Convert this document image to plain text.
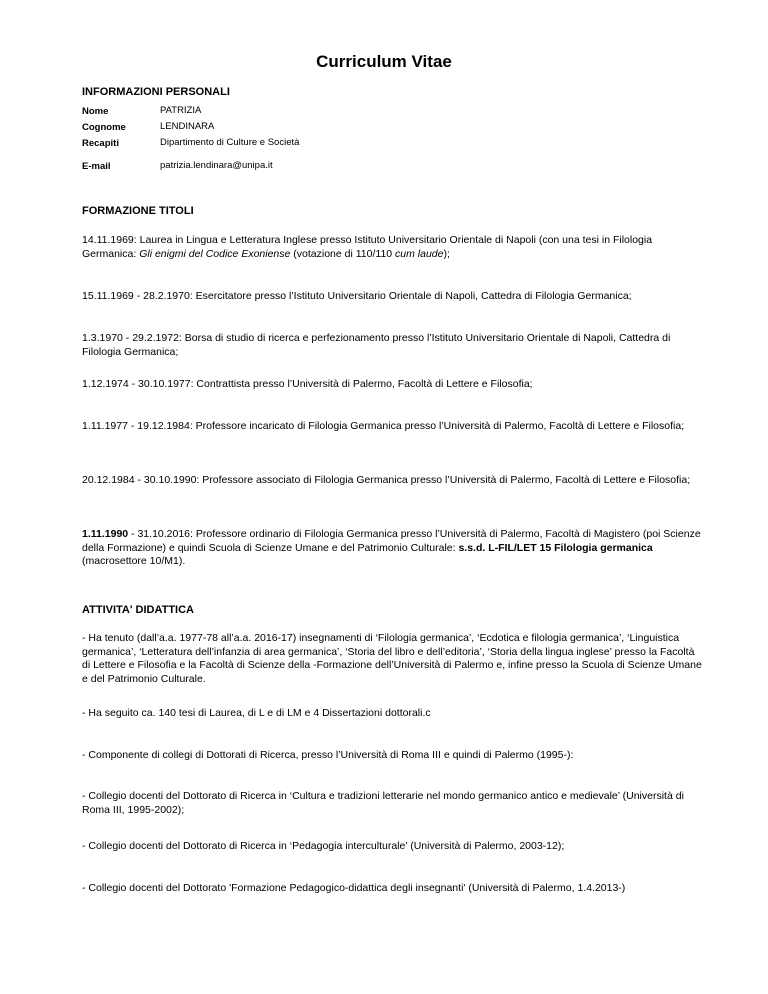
Curriculum Vitae
INFORMAZIONI PERSONALI
Nome	PATRIZIA
Cognome	LENDINARA
Recapiti	Dipartimento di Culture e Società
E-mail	patrizia.lendinara@unipa.it
FORMAZIONE TITOLI
14.11.1969: Laurea in Lingua e Letteratura Inglese presso Istituto Universitario Orientale di Napoli (con una tesi in Filologia Germanica: Gli enigmi del Codice Exoniense (votazione di 110/110 cum laude);
15.11.1969 - 28.2.1970: Esercitatore presso l’Istituto Universitario Orientale di Napoli, Cattedra di Filologia Germanica;
1.3.1970 - 29.2.1972: Borsa di studio di ricerca e perfezionamento presso l’Istituto Universitario Orientale di Napoli, Cattedra di Filologia Germanica;
1.12.1974 - 30.10.1977: Contrattista presso l’Università di Palermo, Facoltà di Lettere e Filosofia;
1.11.1977 - 19.12.1984: Professore incaricato di Filologia Germanica presso l’Università di Palermo, Facoltà di Lettere e Filosofia;
20.12.1984 - 30.10.1990: Professore associato di Filologia Germanica presso l’Università di Palermo, Facoltà di Lettere e Filosofia;
1.11.1990 - 31.10.2016: Professore ordinario di Filologia Germanica presso l’Università di Palermo, Facoltà di Magistero (poi Scienze della Formazione) e quindi Scuola di Scienze Umane e del Patrimonio Culturale: s.s.d. L-FIL/LET 15 Filologia germanica (macrosettore 10/M1).
ATTIVITA' DIDATTICA
- Ha tenuto (dall’a.a. 1977-78 all’a.a. 2016-17) insegnamenti di ‘Filologia germanica’, ‘Ecdotica e filologia germanica’, ‘Linguistica germanica’, ‘Letteratura dell’infanzia di area germanica’, ‘Storia del libro e dell’editoria’, ‘Storia della lingua inglese’ presso la Facoltà di Lettere e Filosofia e la Facoltà di Scienze della -Formazione dell’Università di Palermo e, infine presso la Scuola di Scienze Umane e del Patrimonio Culturale.
- Ha seguito ca. 140 tesi di Laurea, di L e di LM e 4 Dissertazioni dottorali.c
- Componente di collegi di Dottorati di Ricerca, presso l’Università di Roma III e quindi di Palermo (1995-):
- Collegio docenti del Dottorato di Ricerca in ‘Cultura e tradizioni letterarie nel mondo germanico antico e medievale’ (Università di Roma III, 1995-2002);
- Collegio docenti del Dottorato di Ricerca in ‘Pedagogia interculturale’ (Università di Palermo, 2003-12);
- Collegio docenti del Dottorato 'Formazione Pedagogico-didattica degli insegnanti' (Università di Palermo, 1.4.2013-)
